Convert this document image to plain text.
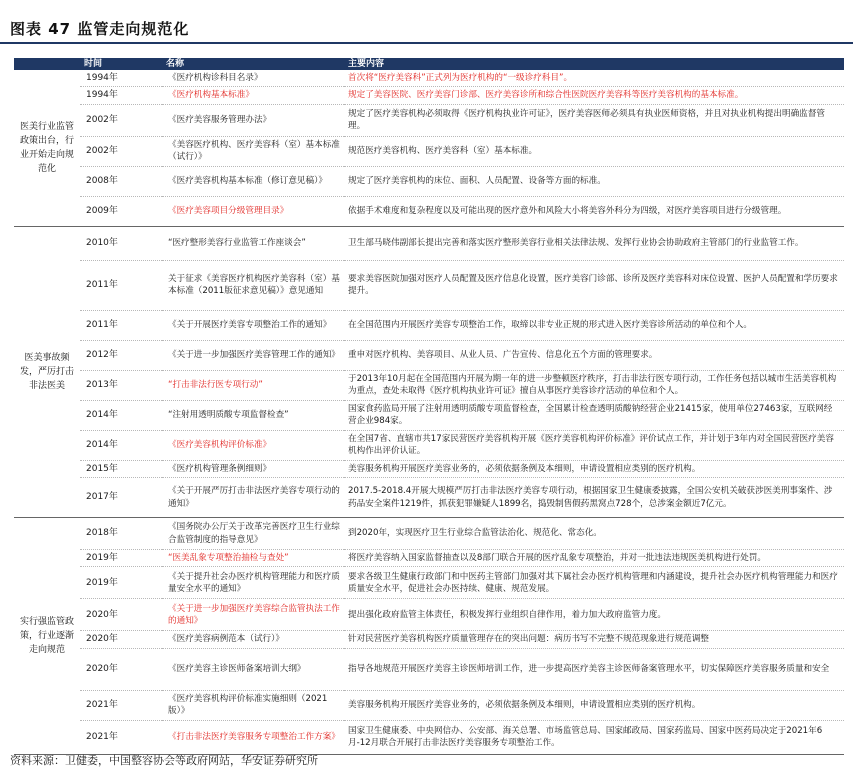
图表 47 监管走向规范化
	时间	名称	主要内容
医美行业监管政策出台，行业开始走向规范化	1994年	《医疗机构诊科目名录》	首次将“医疗美容科”正式列为医疗机构的“一级诊疗科目”。
	1994年	《医疗机构基本标准》	规定了美容医院、医疗美容门诊部、医疗美容诊所和综合性医院医疗美容科等医疗美容机构的基本标准。
	2002年	《医疗美容服务管理办法》	规定了医疗美容机构必须取得《医疗机构执业许可证》，医疗美容医师必须具有执业医师资格，并且对执业机构提出明确监督管理。
	2002年	《美容医疗机构、医疗美容科（室）基本标准（试行）》	规范医疗美容机构、医疗美容科（室）基本标准。
	2008年	《医疗美容机构基本标准（修订意见稿）》	规定了医疗美容机构的床位、面积、人员配置、设备等方面的标准。
	2009年	《医疗美容项目分级管理目录》	依据手术难度和复杂程度以及可能出现的医疗意外和风险大小将美容外科分为四级，对医疗美容项目进行分级管理。
医美事故频发，严厉打击非法医美	2010年	“医疗整形美容行业监管工作座谈会”	卫生部马晓伟副部长提出完善和落实医疗整形美容行业相关法律法规、发挥行业协会协助政府主管部门的行业监管工作。
	2011年	关于征求《美容医疗机构医疗美容科（室）基本标准（2011版征求意见稿）》意见通知	要求美容医院加强对医疗人员配置及医疗信息化设置，医疗美容门诊部、诊所及医疗美容科对床位设置、医护人员配置和学历要求提升。
	2011年	《关于开展医疗美容专项整治工作的通知》	在全国范围内开展医疗美容专项整治工作，取缔以非专业正规的形式进入医疗美容诊所活动的单位和个人。
	2012年	《关于进一步加强医疗美容管理工作的通知》	重申对医疗机构、美容项目、从业人员、广告宣传、信息化五个方面的管理要求。
	2013年	“打击非法行医专项行动”	于2013年10月起在全国范围内开展为期一年的进一步整顿医疗秩序，打击非法行医专项行动，工作任务包括以城市生活美容机构为重点，查处未取得《医疗机构执业许可证》擅自从事医疗美容诊疗活动的单位和个人。
	2014年	“注射用透明质酸专项监督检查”	国家食药监局开展了注射用透明质酸专项监督检查，全国累计检查透明质酸钠经营企业21415家，使用单位27463家，互联网经营企业984家。
	2014年	《医疗美容机构评价标准》	在全国7省、直辖市共17家民营医疗美容机构开展《医疗美容机构评价标准》评价试点工作，并计划于3年内对全国民营医疗美容机构作出评价认证。
	2015年	《医疗机构管理条例细则》	美容服务机构开展医疗美容业务的，必须依据条例及本细则，申请设置相应类别的医疗机构。
	2017年	《关于开展严厉打击非法医疗美容专项行动的通知》	2017.5-2018.4开展大规模严厉打击非法医疗美容专项行动，根据国家卫生健康委披露，全国公安机关破获涉医美刑事案件、涉药品安全案件1219件，抓获犯罪嫌疑人1899名，捣毁制售假药黑窝点728个，总涉案金额近7亿元。
实行强监管政策，行业逐渐走向规范	2018年	《国务院办公厅关于改革完善医疗卫生行业综合监管制度的指导意见》	到2020年，实现医疗卫生行业综合监管法治化、规范化、常态化。
	2019年	“医美乱象专项整治抽检与查处”	将医疗美容纳入国家监督抽查以及8部门联合开展的医疗乱象专项整治，并对一批违法违规医美机构进行处罚。
	2019年	《关于提升社会办医疗机构管理能力和医疗质量安全水平的通知》	要求各级卫生健康行政部门和中医药主管部门加强对其下属社会办医疗机构管理和内涵建设，提升社会办医疗机构管理能力和医疗质量安全水平，促进社会办医持续、健康、规范发展。
	2020年	《关于进一步加强医疗美容综合监管执法工作的通知》	提出强化政府监管主体责任，积极发挥行业组织自律作用，着力加大政府监管力度。
	2020年	《医疗美容病例范本（试行）》	针对民营医疗美容机构医疗质量管理存在的突出问题：病历书写不完整不规范现象进行规范调整
	2020年	《医疗美容主诊医师备案培训大纲》	指导各地规范开展医疗美容主诊医师培训工作，进一步提高医疗美容主诊医师备案管理水平，切实保障医疗美容服务质量和安全
	2021年	《医疗美容机构评价标准实施细则（2021版）》	美容服务机构开展医疗美容业务的，必须依据条例及本细则，申请设置相应类别的医疗机构。
	2021年	《打击非法医疗美容服务专项整治工作方案》	国家卫生健康委、中央网信办、公安部、海关总署、市场监管总局、国家邮政局、国家药监局、国家中医药局决定于2021年6月-12月联合开展打击非法医疗美容服务专项整治工作。
资料来源：卫健委，中国整容协会等政府网站，华安证券研究所
